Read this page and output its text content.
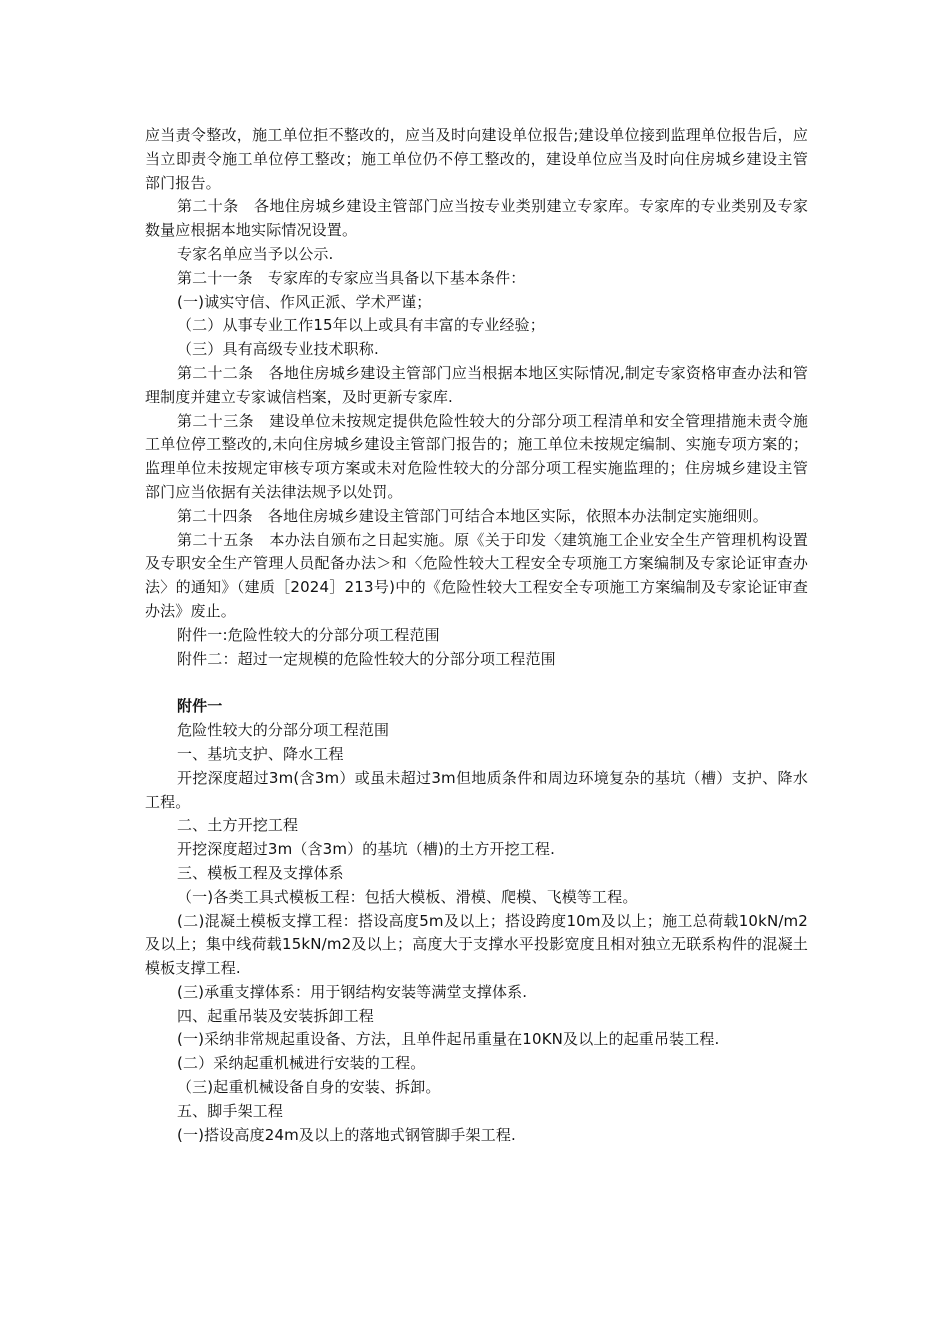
应当责令整改，施工单位拒不整改的，应当及时向建设单位报告;建设单位接到监理单位报告后，应当立即责令施工单位停工整改；施工单位仍不停工整改的，建设单位应当及时向住房城乡建设主管部门报告。

第二十条　各地住房城乡建设主管部门应当按专业类别建立专家库。专家库的专业类别及专家数量应根据本地实际情况设置。

专家名单应当予以公示.

第二十一条　专家库的专家应当具备以下基本条件：

(一)诚实守信、作风正派、学术严谨；

（二）从事专业工作15年以上或具有丰富的专业经验；

（三）具有高级专业技术职称.

第二十二条　各地住房城乡建设主管部门应当根据本地区实际情况,制定专家资格审查办法和管理制度并建立专家诚信档案，及时更新专家库.

第二十三条　建设单位未按规定提供危险性较大的分部分项工程清单和安全管理措施未责令施工单位停工整改的,未向住房城乡建设主管部门报告的；施工单位未按规定编制、实施专项方案的；监理单位未按规定审核专项方案或未对危险性较大的分部分项工程实施监理的；住房城乡建设主管部门应当依据有关法律法规予以处罚。

第二十四条　各地住房城乡建设主管部门可结合本地区实际，依照本办法制定实施细则。

第二十五条　本办法自颁布之日起实施。原《关于印发〈建筑施工企业安全生产管理机构设置及专职安全生产管理人员配备办法＞和〈危险性较大工程安全专项施工方案编制及专家论证审查办法〉的通知》（建质［2024］213号)中的《危险性较大工程安全专项施工方案编制及专家论证审查办法》废止。

附件一:危险性较大的分部分项工程范围

附件二：超过一定规模的危险性较大的分部分项工程范围

附件一

危险性较大的分部分项工程范围

一、基坑支护、降水工程

开挖深度超过3m(含3m）或虽未超过3m但地质条件和周边环境复杂的基坑（槽）支护、降水工程。

二、土方开挖工程

开挖深度超过3m（含3m）的基坑（槽)的土方开挖工程.

三、模板工程及支撑体系

（一)各类工具式模板工程：包括大模板、滑模、爬模、飞模等工程。

(二)混凝土模板支撑工程：搭设高度5m及以上；搭设跨度10m及以上；施工总荷载10kN/m2及以上；集中线荷载15kN/m2及以上；高度大于支撑水平投影宽度且相对独立无联系构件的混凝土模板支撑工程.

(三)承重支撑体系：用于钢结构安装等满堂支撑体系.

四、起重吊装及安装拆卸工程

(一)采纳非常规起重设备、方法，且单件起吊重量在10KN及以上的起重吊装工程.

(二）采纳起重机械进行安装的工程。

（三)起重机械设备自身的安装、拆卸。

五、脚手架工程

(一)搭设高度24m及以上的落地式钢管脚手架工程.
